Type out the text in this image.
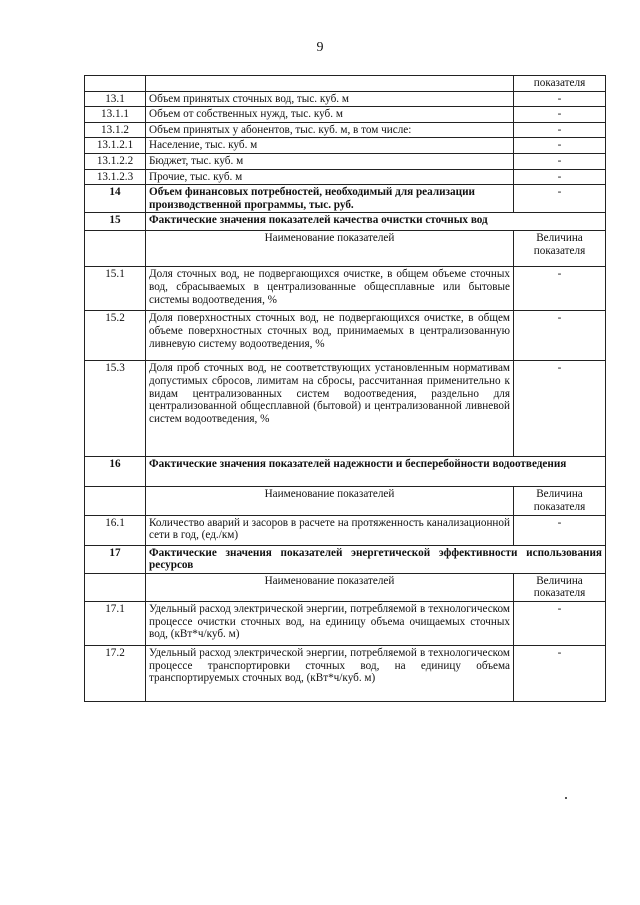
9
		показателя
13.1	Объем принятых сточных вод, тыс. куб. м	-
13.1.1	Объем от собственных нужд, тыс. куб. м	-
13.1.2	Объем принятых у абонентов, тыс. куб. м, в том числе:	-
13.1.2.1	Население, тыс. куб. м	-
13.1.2.2	Бюджет, тыс. куб. м	-
13.1.2.3	Прочие, тыс. куб. м	-
14	Объем финансовых потребностей, необходимый для реализации производственной программы, тыс. руб.	-
15	Фактические значения показателей качества очистки сточных вод	
	Наименование показателей	Величина показателя
15.1	Доля сточных вод, не подвергающихся очистке, в общем объеме сточных вод, сбрасываемых в централизованные общесплавные или бытовые системы водоотведения, %	-
15.2	Доля поверхностных сточных вод, не подвергающихся очистке, в общем объеме поверхностных сточных вод, принимаемых в централизованную ливневую систему водоотведения, %	-
15.3	Доля проб сточных вод, не соответствующих установленным нормативам допустимых сбросов, лимитам на сбросы, рассчитанная применительно к видам централизованных систем водоотведения, раздельно для централизованной общесплавной (бытовой) и централизованной ливневой систем водоотведения, %	-
16	Фактические значения показателей надежности и бесперебойности водоотведения	
	Наименование показателей	Величина показателя
16.1	Количество аварий и засоров в расчете на протяженность канализационной сети в год, (ед./км)	-
17	Фактические значения показателей энергетической эффективности использования ресурсов	
	Наименование показателей	Величина показателя
17.1	Удельный расход электрической энергии, потребляемой в технологическом процессе очистки сточных вод, на единицу объема очищаемых сточных вод, (кВт*ч/куб. м)	-
17.2	Удельный расход электрической энергии, потребляемой в технологическом процессе транспортировки сточных вод, на единицу объема транспортируемых сточных вод, (кВт*ч/куб. м)	-
